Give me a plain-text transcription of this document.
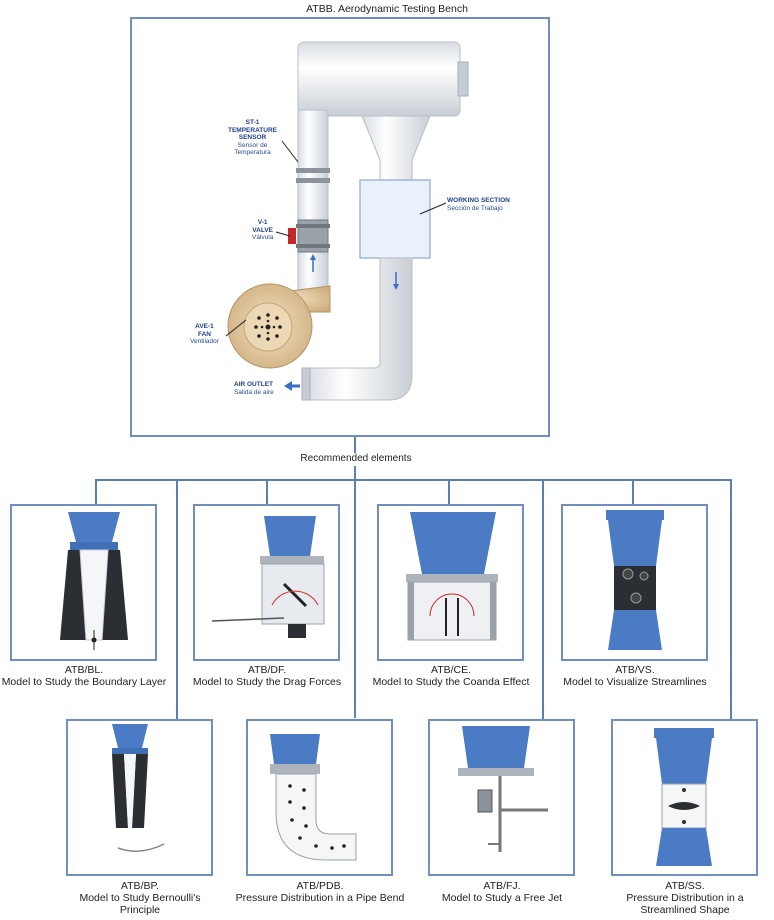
ATBB. Aerodynamic Testing Bench
ST-1
TEMPERATURE
SENSOR
Sensor de
Temperatura
V-1
VALVE
Válvula
AVE-1
FAN
Ventilador
WORKING SECTION
Sección de Trabajo
AIR OUTLET
Salida de aire
Recommended elements
ATB/BL.
Model to Study the Boundary Layer
ATB/DF.
Model to Study the Drag Forces
ATB/CE.
Model to Study the Coanda Effect
ATB/VS.
Model to Visualize Streamlines
ATB/BP.
Model to Study Bernoulli's Principle
ATB/PDB.
Pressure Distribution in a Pipe Bend
ATB/FJ.
Model to Study a Free Jet
ATB/SS.
Pressure Distribution in a Streamlined Shape
